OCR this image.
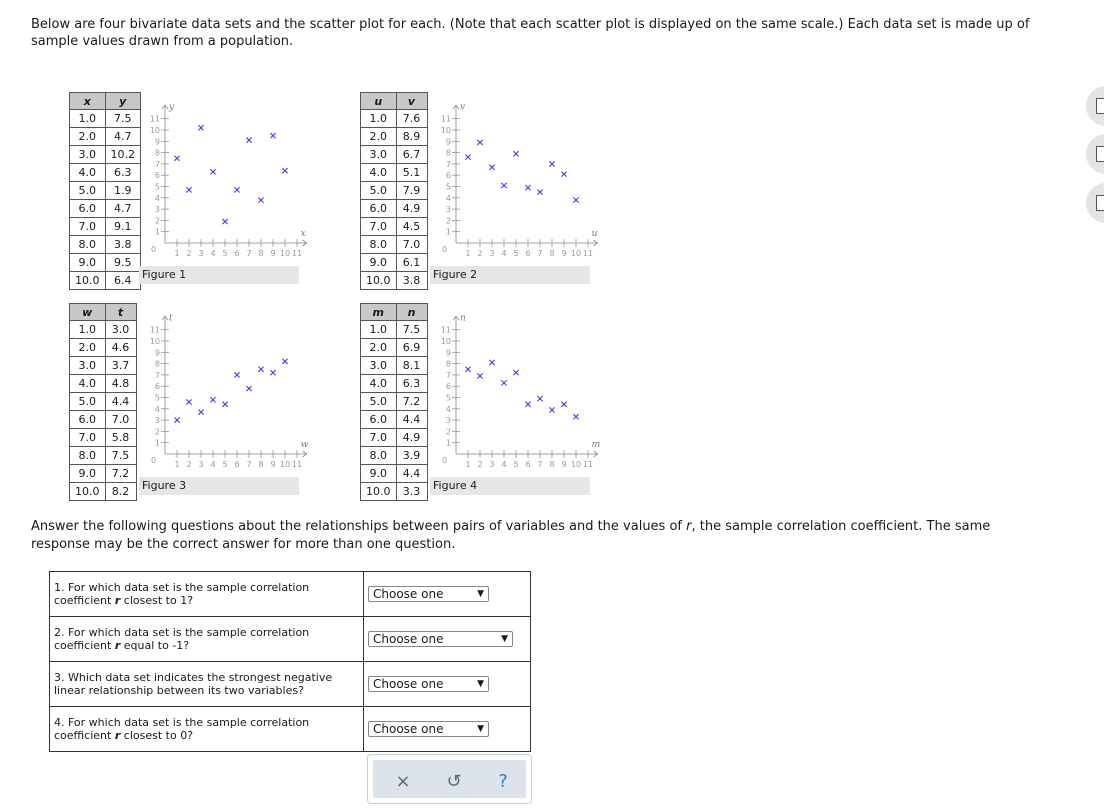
Below are four bivariate data sets and the scatter plot for each. (Note that each scatter plot is displayed on the same scale.) Each data set is made up of sample values drawn from a population.
x	y
1.0	7.5
2.0	4.7
3.0	10.2
4.0	6.3
5.0	1.9
6.0	4.7
7.0	9.1
8.0	3.8
9.0	9.5
10.0	6.4
1 2 3 4 5 6 7 8 9 10 11
1
2
3
4
5
6
7
8
9
10
11
0
x
y
Figure 1
u	v
1.0	7.6
2.0	8.9
3.0	6.7
4.0	5.1
5.0	7.9
6.0	4.9
7.0	4.5
8.0	7.0
9.0	6.1
10.0	3.8
1 2 3 4 5 6 7 8 9 10 11
1
2
3
4
5
6
7
8
9
10
11
0
u
v
Figure 2
w	t
1.0	3.0
2.0	4.6
3.0	3.7
4.0	4.8
5.0	4.4
6.0	7.0
7.0	5.8
8.0	7.5
9.0	7.2
10.0	8.2
1 2 3 4 5 6 7 8 9 10 11
1
2
3
4
5
6
7
8
9
10
11
0
w
t
Figure 3
m	n
1.0	7.5
2.0	6.9
3.0	8.1
4.0	6.3
5.0	7.2
6.0	4.4
7.0	4.9
8.0	3.9
9.0	4.4
10.0	3.3
1 2 3 4 5 6 7 8 9 10 11
1
2
3
4
5
6
7
8
9
10
11
0
m
n
Figure 4
Answer the following questions about the relationships between pairs of variables and the values of r, the sample correlation coefficient. The same response may be the correct answer for more than one question.
1. For which data set is the sample correlation coefficient r closest to 1?	Choose one ▼

2. For which data set is the sample correlation coefficient r equal to -1?	Choose one ▼

3. Which data set indicates the strongest negative linear relationship between its two variables?	Choose one ▼

4. For which data set is the sample correlation coefficient r closest to 0?	Choose one ▼
×	↺	?
